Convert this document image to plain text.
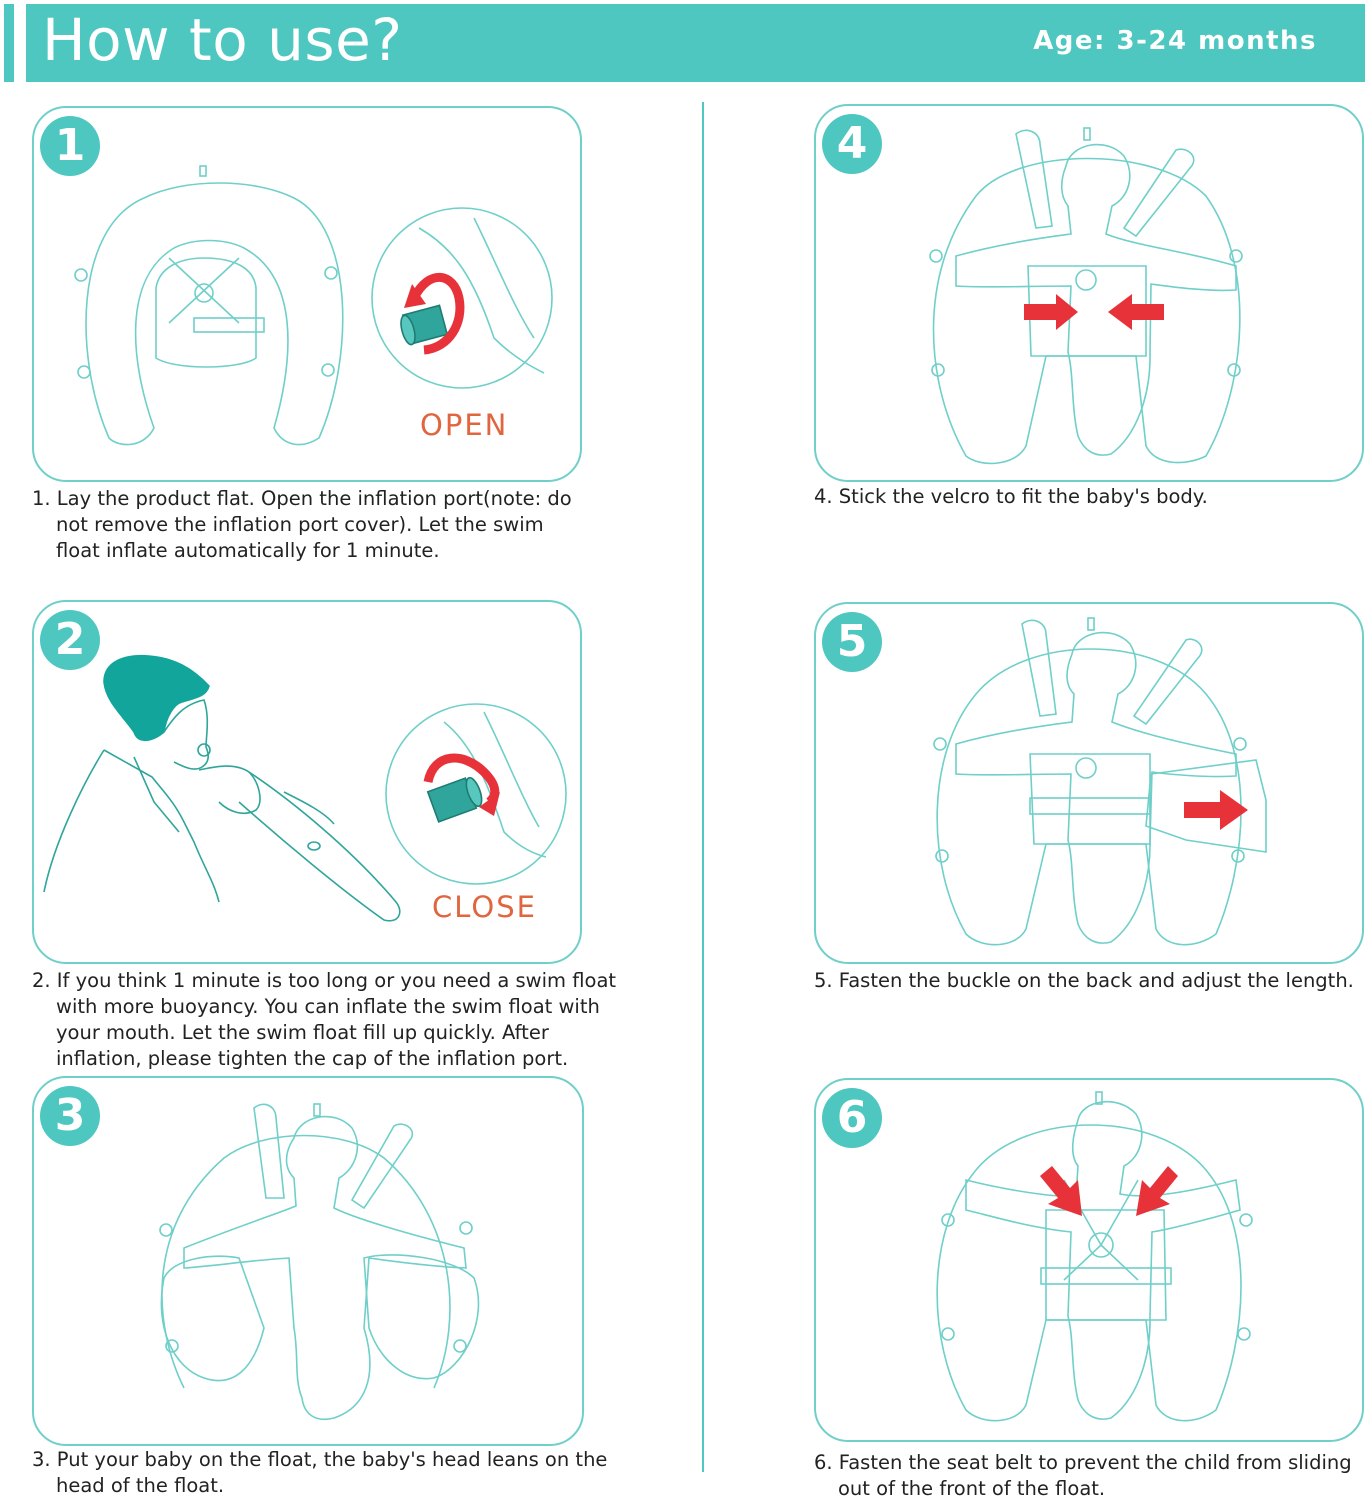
How to use?	Age: 3-24 months
1
OPEN

1. Lay the product flat. Open the inflation port(note: do not remove the inflation port cover). Let the swim float inflate automatically for 1 minute.

2
CLOSE

2. If you think 1 minute is too long or you need a swim float with more buoyancy. You can inflate the swim float with your mouth. Let the swim float fill up quickly. After inflation, please tighten the cap of the inflation port.

3

3. Put your baby on the float, the baby's head leans on the head of the float.

4

4. Stick the velcro to fit the baby's body.

5

5. Fasten the buckle on the back and adjust the length.

6

6. Fasten the seat belt to prevent the child from sliding out of the front of the float.
